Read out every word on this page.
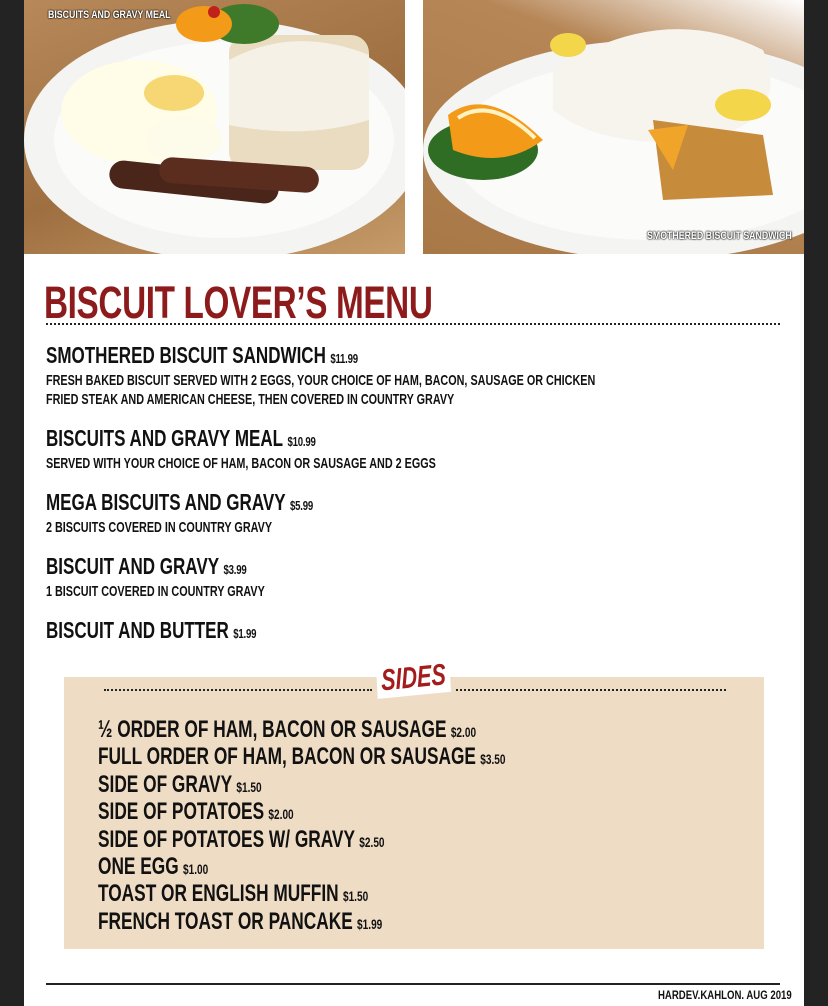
BISCUITS AND GRAVY MEAL
SMOTHERED BISCUIT SANDWICH
BISCUIT LOVER’S MENU
SMOTHERED BISCUIT SANDWICH $11.99
FRESH BAKED BISCUIT SERVED WITH 2 EGGS, YOUR CHOICE OF HAM, BACON, SAUSAGE OR CHICKEN
FRIED STEAK AND AMERICAN CHEESE, THEN COVERED IN COUNTRY GRAVY
BISCUITS AND GRAVY MEAL $10.99
SERVED WITH YOUR CHOICE OF HAM, BACON OR SAUSAGE AND 2 EGGS
MEGA BISCUITS AND GRAVY $5.99
2 BISCUITS COVERED IN COUNTRY GRAVY
BISCUIT AND GRAVY $3.99
1 BISCUIT COVERED IN COUNTRY GRAVY
BISCUIT AND BUTTER $1.99
SIDES
½ ORDER OF HAM, BACON OR SAUSAGE $2.00
FULL ORDER OF HAM, BACON OR SAUSAGE $3.50
SIDE OF GRAVY $1.50
SIDE OF POTATOES $2.00
SIDE OF POTATOES W/ GRAVY $2.50
ONE EGG $1.00
TOAST OR ENGLISH MUFFIN $1.50
FRENCH TOAST OR PANCAKE $1.99
HARDEV.KAHLON. AUG 2019
